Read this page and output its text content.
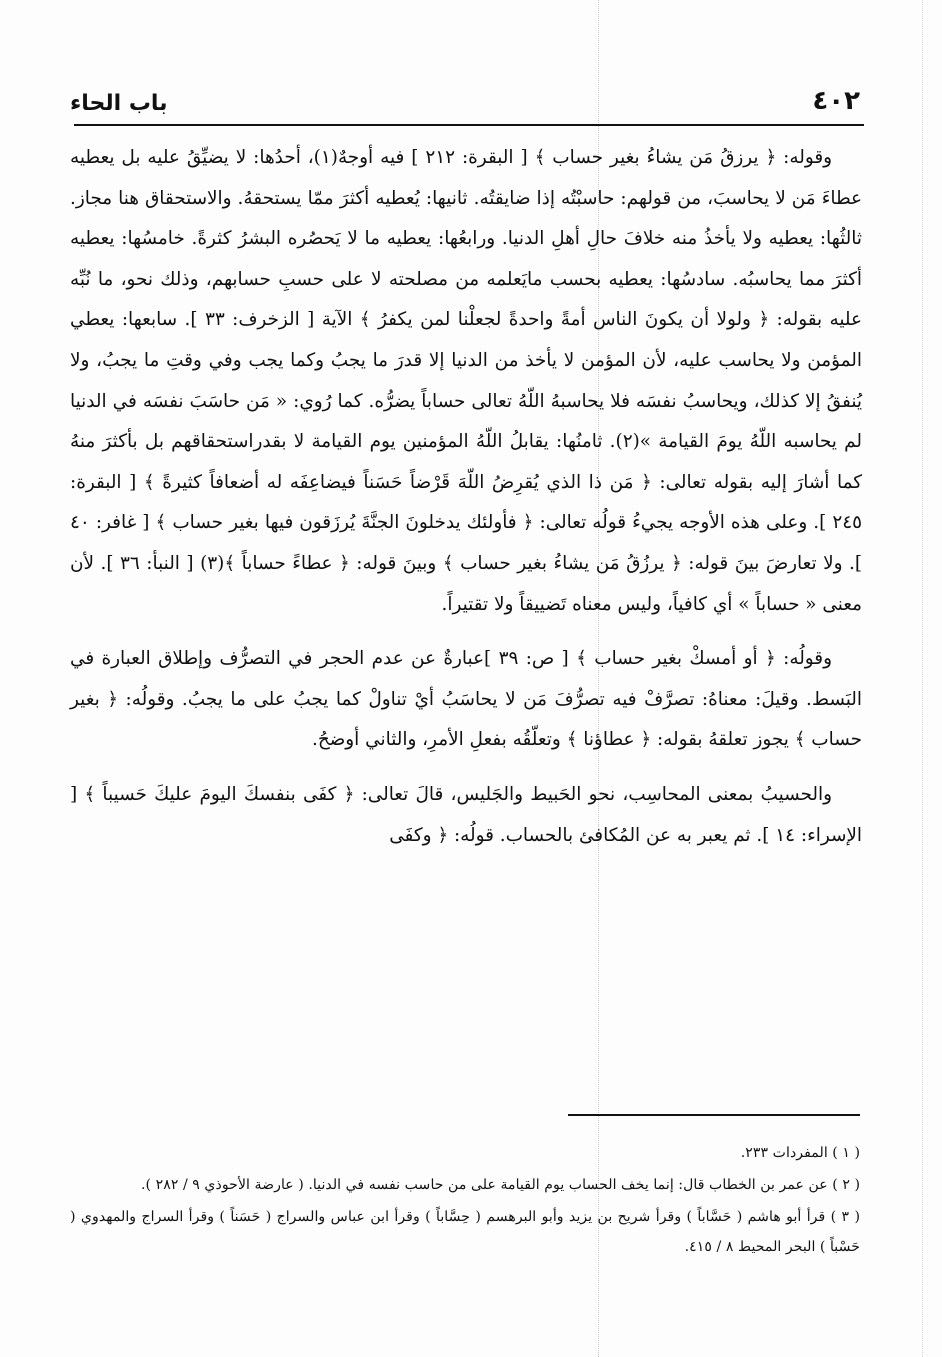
٤٠٢
باب الحاء

وقوله: ﴿ يرزقُ مَن يشاءُ بغير حساب ﴾ [ البقرة: ٢١٢ ] فيه أوجهٌ(١)، أحدُها: لا يضيِّقُ عليه بل يعطيه عطاءَ مَن لا يحاسبَ، من قولهم: حاسبْتُه إذا ضايقتُه. ثانيها: يُعطيه أكثرَ ممّا يستحقهُ. والاستحقاق هنا مجاز. ثالثُها: يعطيه ولا يأخذُ منه خلافَ حالِ أهلِ الدنيا. ورابعُها: يعطيه ما لا يَحصُره البشرُ كثرةً. خامسُها: يعطيه أكثرَ مما يحاسبُه. سادسُها: يعطيه بحسب مايَعلمه من مصلحته لا على حسبِ حسابهم، وذلك نحو، ما نُبِّه عليه بقوله: ﴿ ولولا أن يكونَ الناس أمةً واحدةً لجعلْنا لمن يكفرُ ﴾ الآية [ الزخرف: ٣٣ ]. سابعها: يعطي المؤمن ولا يحاسب عليه، لأن المؤمن لا يأخذ من الدنيا إلا قدرَ ما يجبُ وكما يجب وفي وقتِ ما يجبُ، ولا يُنفقُ إلا كذلك، ويحاسبُ نفسَه فلا يحاسبهُ اللّهُ تعالى حساباً يضرُّه. كما رُوي: « مَن حاسَبَ نفسَه في الدنيا لم يحاسبه اللّهُ يومَ القيامة »(٢). ثامنُها: يقابلُ اللّهُ المؤمنين يوم القيامة لا بقدراستحقاقهم بل بأكثرَ منهُ كما أشارَ إليه بقوله تعالى: ﴿ مَن ذا الذي يُقرِضُ اللّهَ قَرْضاً حَسَناً فيضاعِفَه له أضعافاً كثيرةً ﴾ [ البقرة: ٢٤٥ ]. وعلى هذه الأوجه يجيءُ قولُه تعالى: ﴿ فأولئك يدخلونَ الجنَّةَ يُرزَقون فيها بغير حساب ﴾ [ غافر: ٤٠ ]. ولا تعارضَ بينَ قوله: ﴿ يرزُقُ مَن يشاءُ بغير حساب ﴾ وبينَ قوله: ﴿ عطاءً حساباً ﴾(٣) [ النبأ: ٣٦ ]. لأن معنى « حساباً » أي كافياً، وليس معناه تَضييقاً ولا تقتيراً.

وقولُه: ﴿ أو أمسكْ بغير حساب ﴾ [ ص: ٣٩ ]عبارةٌ عن عدم الحجر في التصرُّف وإطلاق العبارة في البَسط. وقيلَ: معناهُ: تصرَّفْ فيه تصرُّفَ مَن لا يحاسَبُ أيْ تناولْ كما يجبُ على ما يجبُ. وقولُه: ﴿ بغير حساب ﴾ يجوز تعلقهُ بقوله: ﴿ عطاؤنا ﴾ وتعلّقُه بفعلِ الأمرِ، والثاني أوضحُ.

والحسيبُ بمعنى المحاسِب، نحو الحَبيط والجَليس، قالَ تعالى: ﴿ كفَى بنفسكَ اليومَ عليكَ حَسيباً ﴾ [ الإسراء: ١٤ ]. ثم يعبر به عن المُكافئ بالحساب. قولُه: ﴿ وكفَى

( ١ ) المفردات ٢٣٣.

( ٢ ) عن عمر بن الخطاب قال: إنما يخف الحساب يوم القيامة على من حاسب نفسه في الدنيا. ( عارضة الأحوذي ٩ / ٢٨٢ ).

( ٣ ) قرأ أبو هاشم ( حَسَّاباً ) وقرأ شريح بن يزيد وأبو البرهسم ( حِسَّاباً ) وقرأ ابن عباس والسراج ( حَسَناً ) وقرأ السراج والمهدوي ( حَسْباً ) البحر المحيط ٨ / ٤١٥.
